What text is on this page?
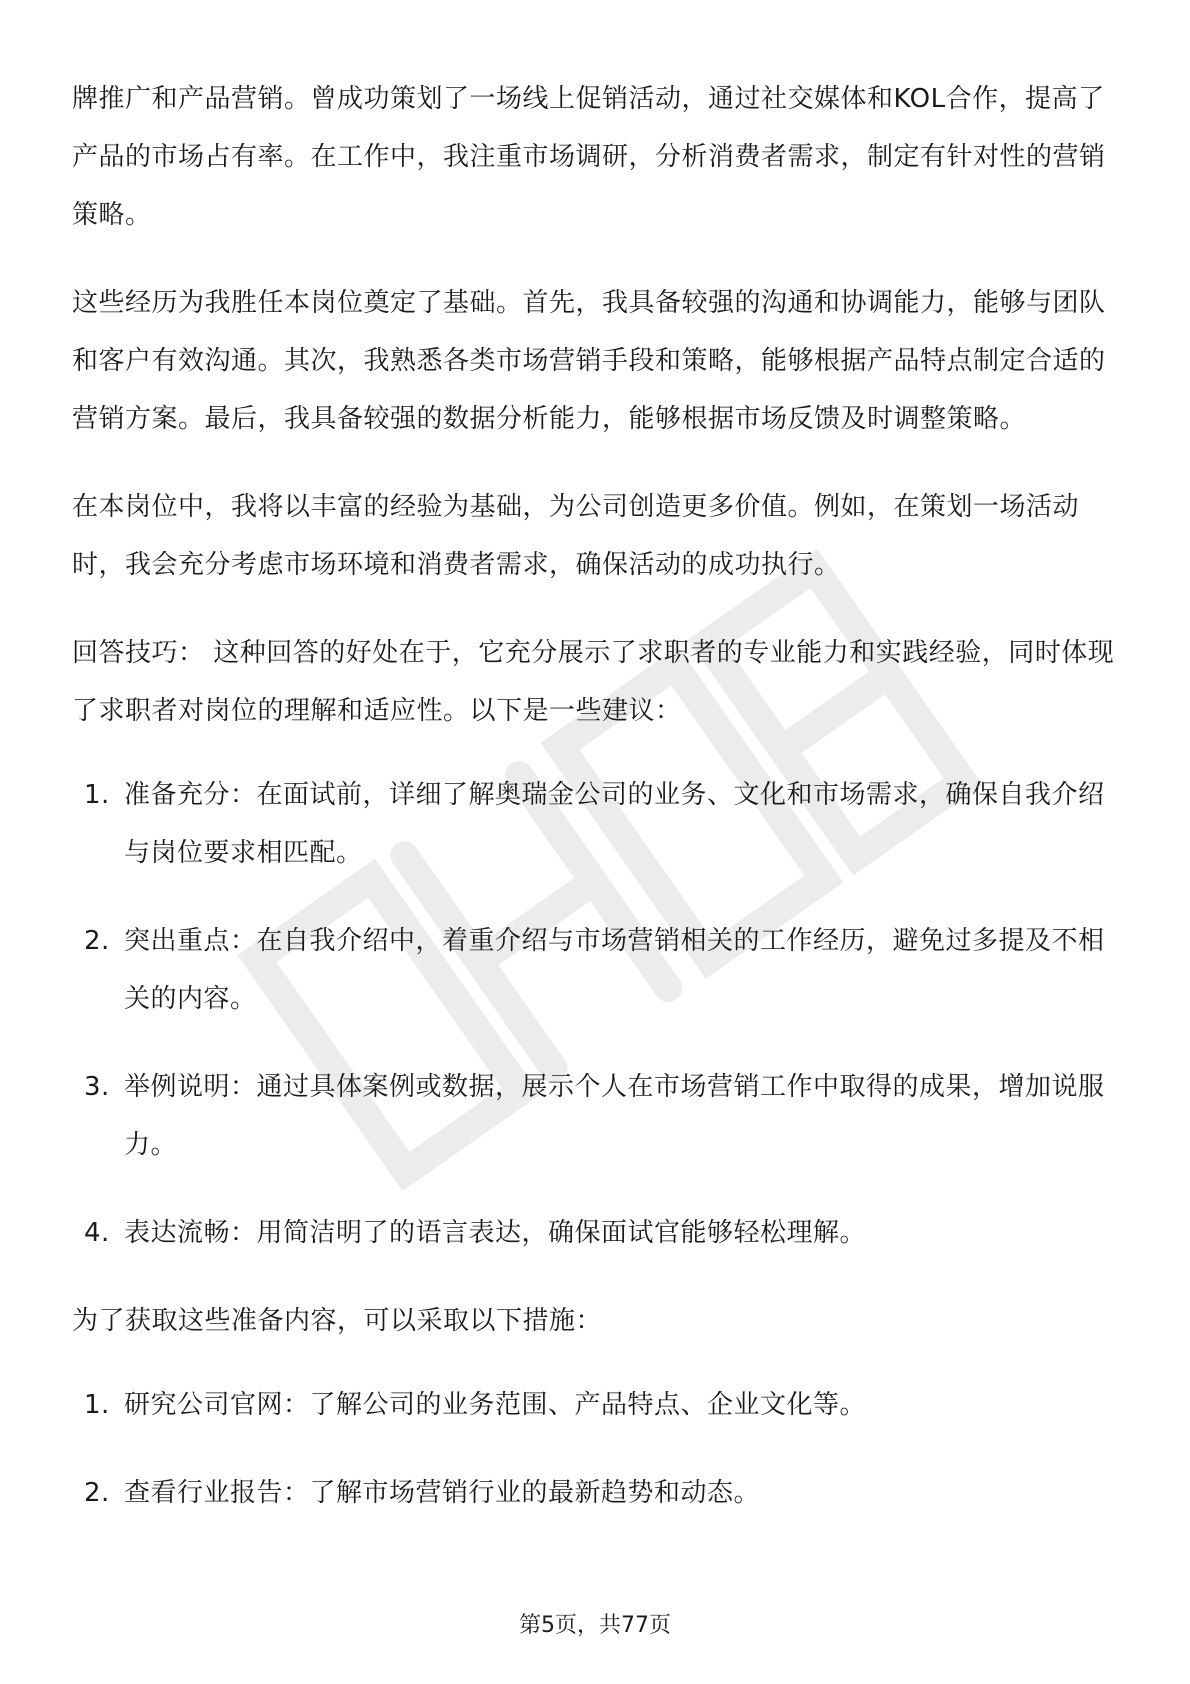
牌推广和产品营销。曾成功策划了一场线上促销活动，通过社交媒体和KOL合作，提高了产品的市场占有率。在工作中，我注重市场调研，分析消费者需求，制定有针对性的营销策略。

这些经历为我胜任本岗位奠定了基础。首先，我具备较强的沟通和协调能力，能够与团队和客户有效沟通。其次，我熟悉各类市场营销手段和策略，能够根据产品特点制定合适的营销方案。最后，我具备较强的数据分析能力，能够根据市场反馈及时调整策略。

在本岗位中，我将以丰富的经验为基础，为公司创造更多价值。例如，在策划一场活动时，我会充分考虑市场环境和消费者需求，确保活动的成功执行。

回答技巧： 这种回答的好处在于，它充分展示了求职者的专业能力和实践经验，同时体现了求职者对岗位的理解和适应性。以下是一些建议：

1. 准备充分：在面试前，详细了解奥瑞金公司的业务、文化和市场需求，确保自我介绍与岗位要求相匹配。
2. 突出重点：在自我介绍中，着重介绍与市场营销相关的工作经历，避免过多提及不相关的内容。
3. 举例说明：通过具体案例或数据，展示个人在市场营销工作中取得的成果，增加说服力。
4. 表达流畅：用简洁明了的语言表达，确保面试官能够轻松理解。

为了获取这些准备内容，可以采取以下措施：

1. 研究公司官网：了解公司的业务范围、产品特点、企业文化等。
2. 查看行业报告：了解市场营销行业的最新趋势和动态。
第5页，共77页
